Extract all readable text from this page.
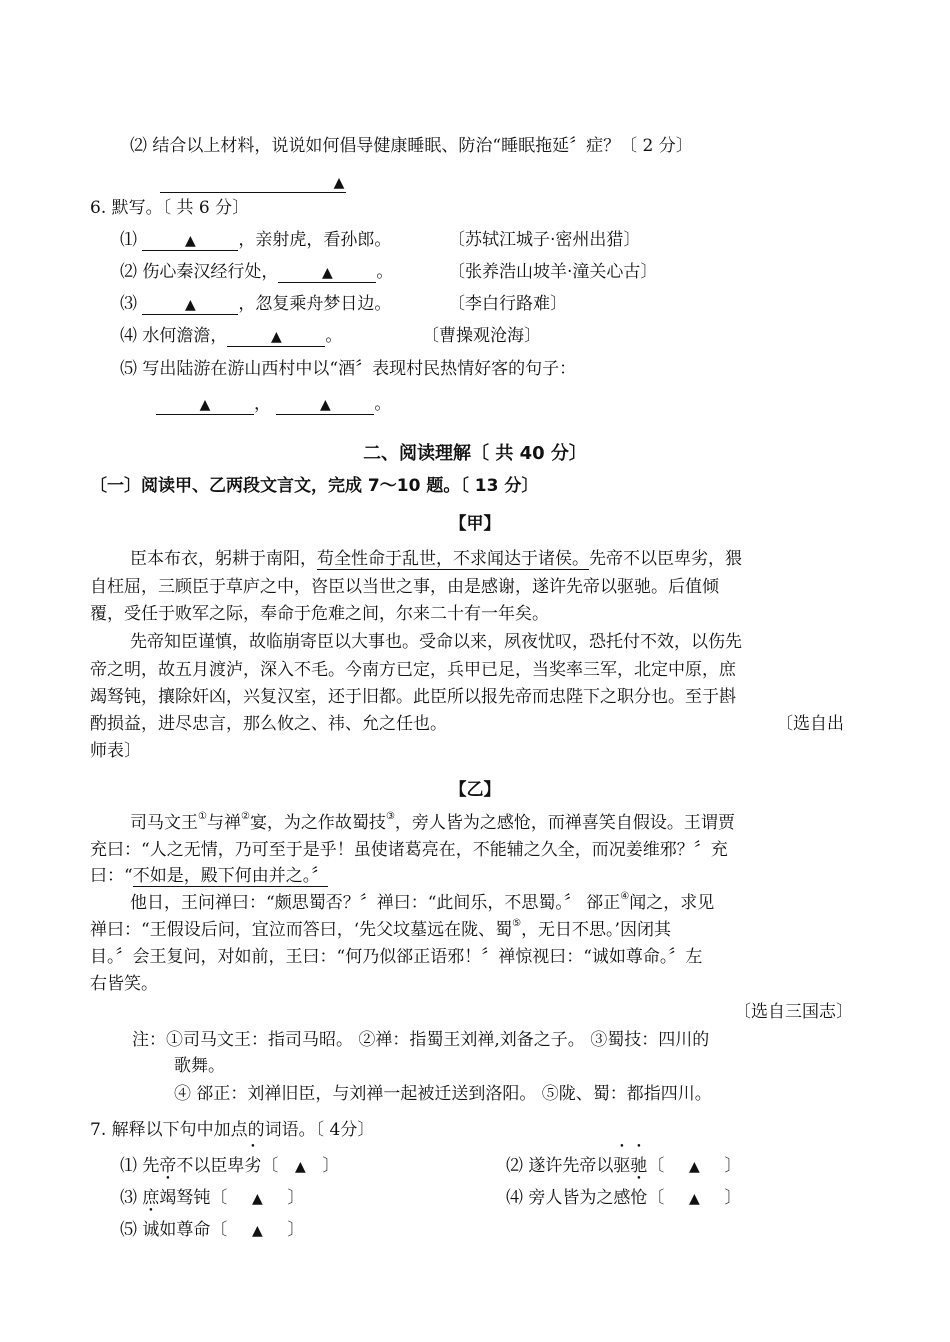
⑵ 结合以上材料，说说如何倡导健康睡眠、防治“睡眠拖延〞症？〔 2 分〕
▲
6. 默写。〔 共 6 分〕
⑴	▲	，亲射虎，看孙郎。	〔苏轼江城子·密州出猎〕
⑵ 伤心秦汉经行处，	▲	。	〔张养浩山坡羊·潼关心古〕
⑶	▲	，忽复乘舟梦日边。	〔李白行路难〕
⑷ 水何澹澹，	▲	。	〔曹操观沧海〕
⑸ 写出陆游在游山西村中以“酒〞表现村民热情好客的句子：
▲	，	▲	。
二、阅读理解〔 共 40 分〕
〔一〕阅读甲、乙两段文言文，完成 7～10 题。〔 13 分〕
【甲】
臣本布衣，躬耕于南阳，苟全性命于乱世，不求闻达于诸侯。先帝不以臣卑劣，猥
自枉屈，三顾臣于草庐之中，咨臣以当世之事，由是感谢，遂许先帝以驱驰。后值倾
覆，受任于败军之际，奉命于危难之间，尔来二十有一年矣。
先帝知臣谨慎，故临崩寄臣以大事也。受命以来，夙夜忧叹，恐托付不效，以伤先
帝之明，故五月渡泸，深入不毛。今南方已定，兵甲已足，当奖率三军，北定中原，庶
竭驽钝，攘除奸凶，兴复汉室，还于旧都。此臣所以报先帝而忠陛下之职分也。至于斟
酌损益，进尽忠言，那么攸之、祎、允之任也。	〔选自出
师表〕
【乙】
司马文王①与禅②宴，为之作故蜀技③，旁人皆为之感怆，而禅喜笑自假设。王谓贾
充曰：“人之无情，乃可至于是乎！虽使诸葛亮在，不能辅之久全，而况姜维邪？〞充
曰：“不如是，殿下何由并之。〞
他日，王问禅曰：“颇思蜀否？〞禅曰：“此间乐，不思蜀。〞 郤正④闻之，求见
禅曰：“王假设后问，宜泣而答曰，‘先父坟墓远在陇、蜀⑤，无日不思。’因闭其
目。〞会王复问，对如前，王曰：“何乃似郤正语邪！〞禅惊视曰：“诚如尊命。〞左
右皆笑。
〔选自三国志〕
注：①司马文王：指司马昭。 ②禅：指蜀王刘禅,刘备之子。 ③蜀技：四川的
歌舞。
④ 郤正：刘禅旧臣，与刘禅一起被迁送到洛阳。 ⑤陇、蜀：都指四川。
7. 解释以下句中加点的词语。〔 4分〕
⑴ 先帝不以臣卑劣〔 ▲ 〕	⑵ 遂许先帝以驱驰〔 ▲ 〕
⑶ 庶竭驽钝〔 ▲ 〕	⑷ 旁人皆为之感怆〔 ▲ 〕
⑸ 诚如尊命〔 ▲ 〕
